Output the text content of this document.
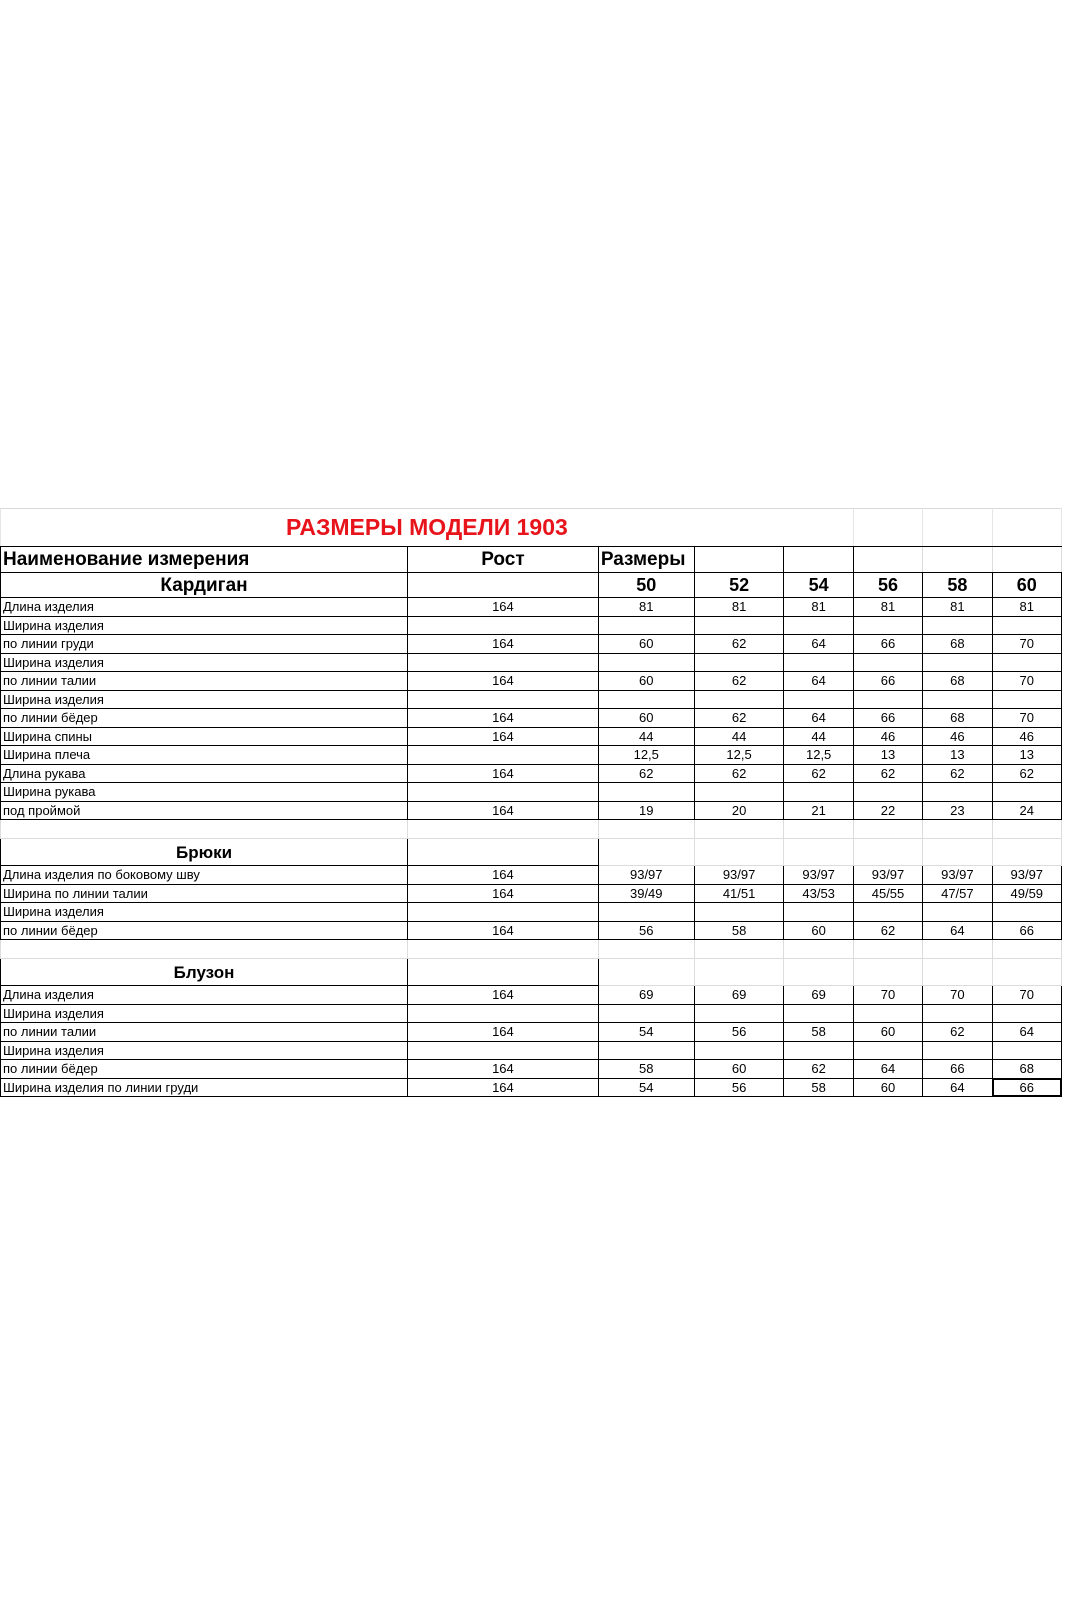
РАЗМЕРЫ МОДЕЛИ 1903							
Наименование измерения	Рост	Размеры					
Кардиган		50	52	54	56	58	60
Длина изделия	164	81	81	81	81	81	81
Ширина изделия							
по линии груди	164	60	62	64	66	68	70
Ширина изделия							
по линии талии	164	60	62	64	66	68	70
Ширина изделия							
по линии бёдер	164	60	62	64	66	68	70
Ширина спины	164	44	44	44	46	46	46
Ширина плеча		12,5	12,5	12,5	13	13	13
Длина рукава	164	62	62	62	62	62	62
Ширина рукава							
под проймой	164	19	20	21	22	23	24

Брюки							
Длина изделия по боковому шву	164	93/97	93/97	93/97	93/97	93/97	93/97
Ширина по линии талии	164	39/49	41/51	43/53	45/55	47/57	49/59
Ширина изделия							
по линии бёдер	164	56	58	60	62	64	66

Блузон							
Длина изделия	164	69	69	69	70	70	70
Ширина изделия							
по линии талии	164	54	56	58	60	62	64
Ширина изделия							
по линии бёдер	164	58	60	62	64	66	68
Ширина изделия по линии груди	164	54	56	58	60	64	66
